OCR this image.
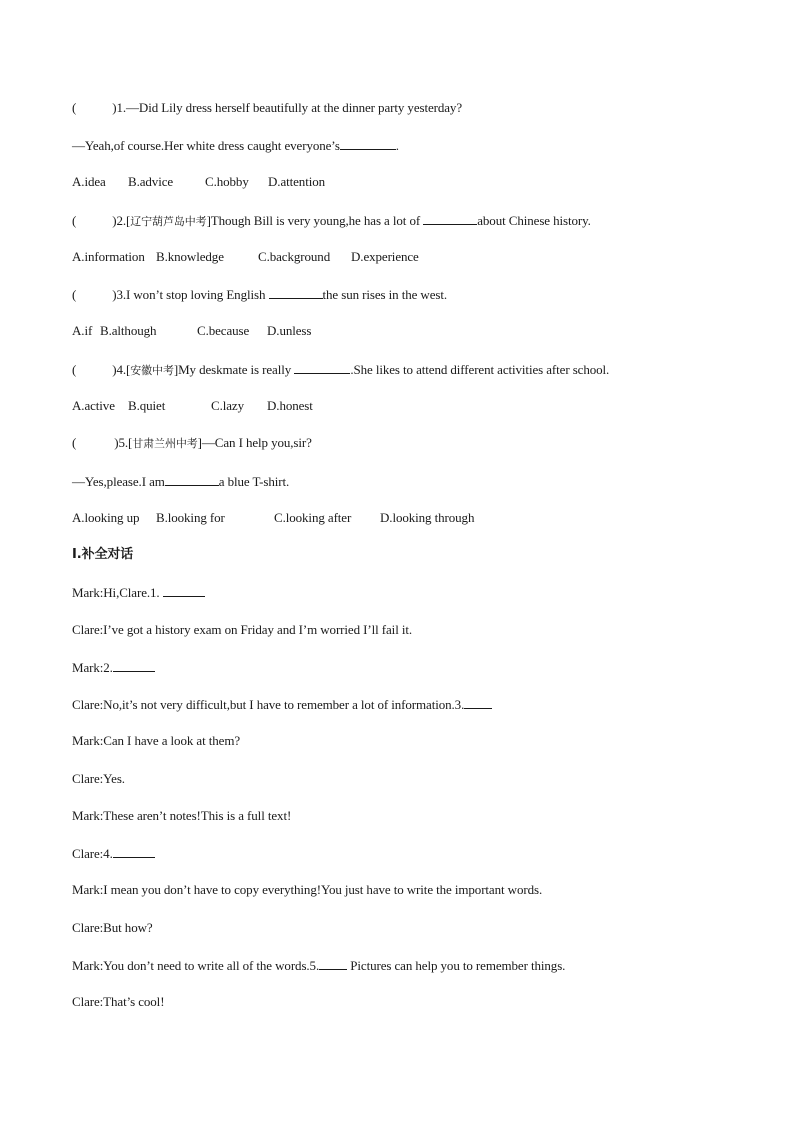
(	)1.—Did Lily dress herself beautifully at the dinner party yesterday?
—Yeah,of course.Her white dress caught everyone’s	.
A.idea B.advice C.hobby D.attention
(	)2.[辽宁葫芦岛中考]Though Bill is very young,he has a lot of	about Chinese history.
A.information B.knowledge	C.background D.experience
(	)3.I won’t stop loving English	the sun rises in the west.
A.if B.although	C.because D.unless
(	)4.[安徽中考]My deskmate is really	.She likes to attend different activities after school.
A.active B.quiet	C.lazy D.honest
(	)5.[甘肃兰州中考]—Can I help you,sir?
—Yes,please.I am	a blue T-shirt.
A.looking up B.looking for	C.looking after D.looking through
Ⅰ.补全对话
Mark:Hi,Clare.1.
Clare:I’ve got a history exam on Friday and I’m worried I’ll fail it.
Mark:2.
Clare:No,it’s not very difficult,but I have to remember a lot of information.3.
Mark:Can I have a look at them?
Clare:Yes.
Mark:These aren’t notes!This is a full text!
Clare:4.
Mark:I mean you don’t have to copy everything!You just have to write the important words.
Clare:But how?
Mark:You don’t need to write all of the words.5. Pictures can help you to remember things.
Clare:That’s cool!
